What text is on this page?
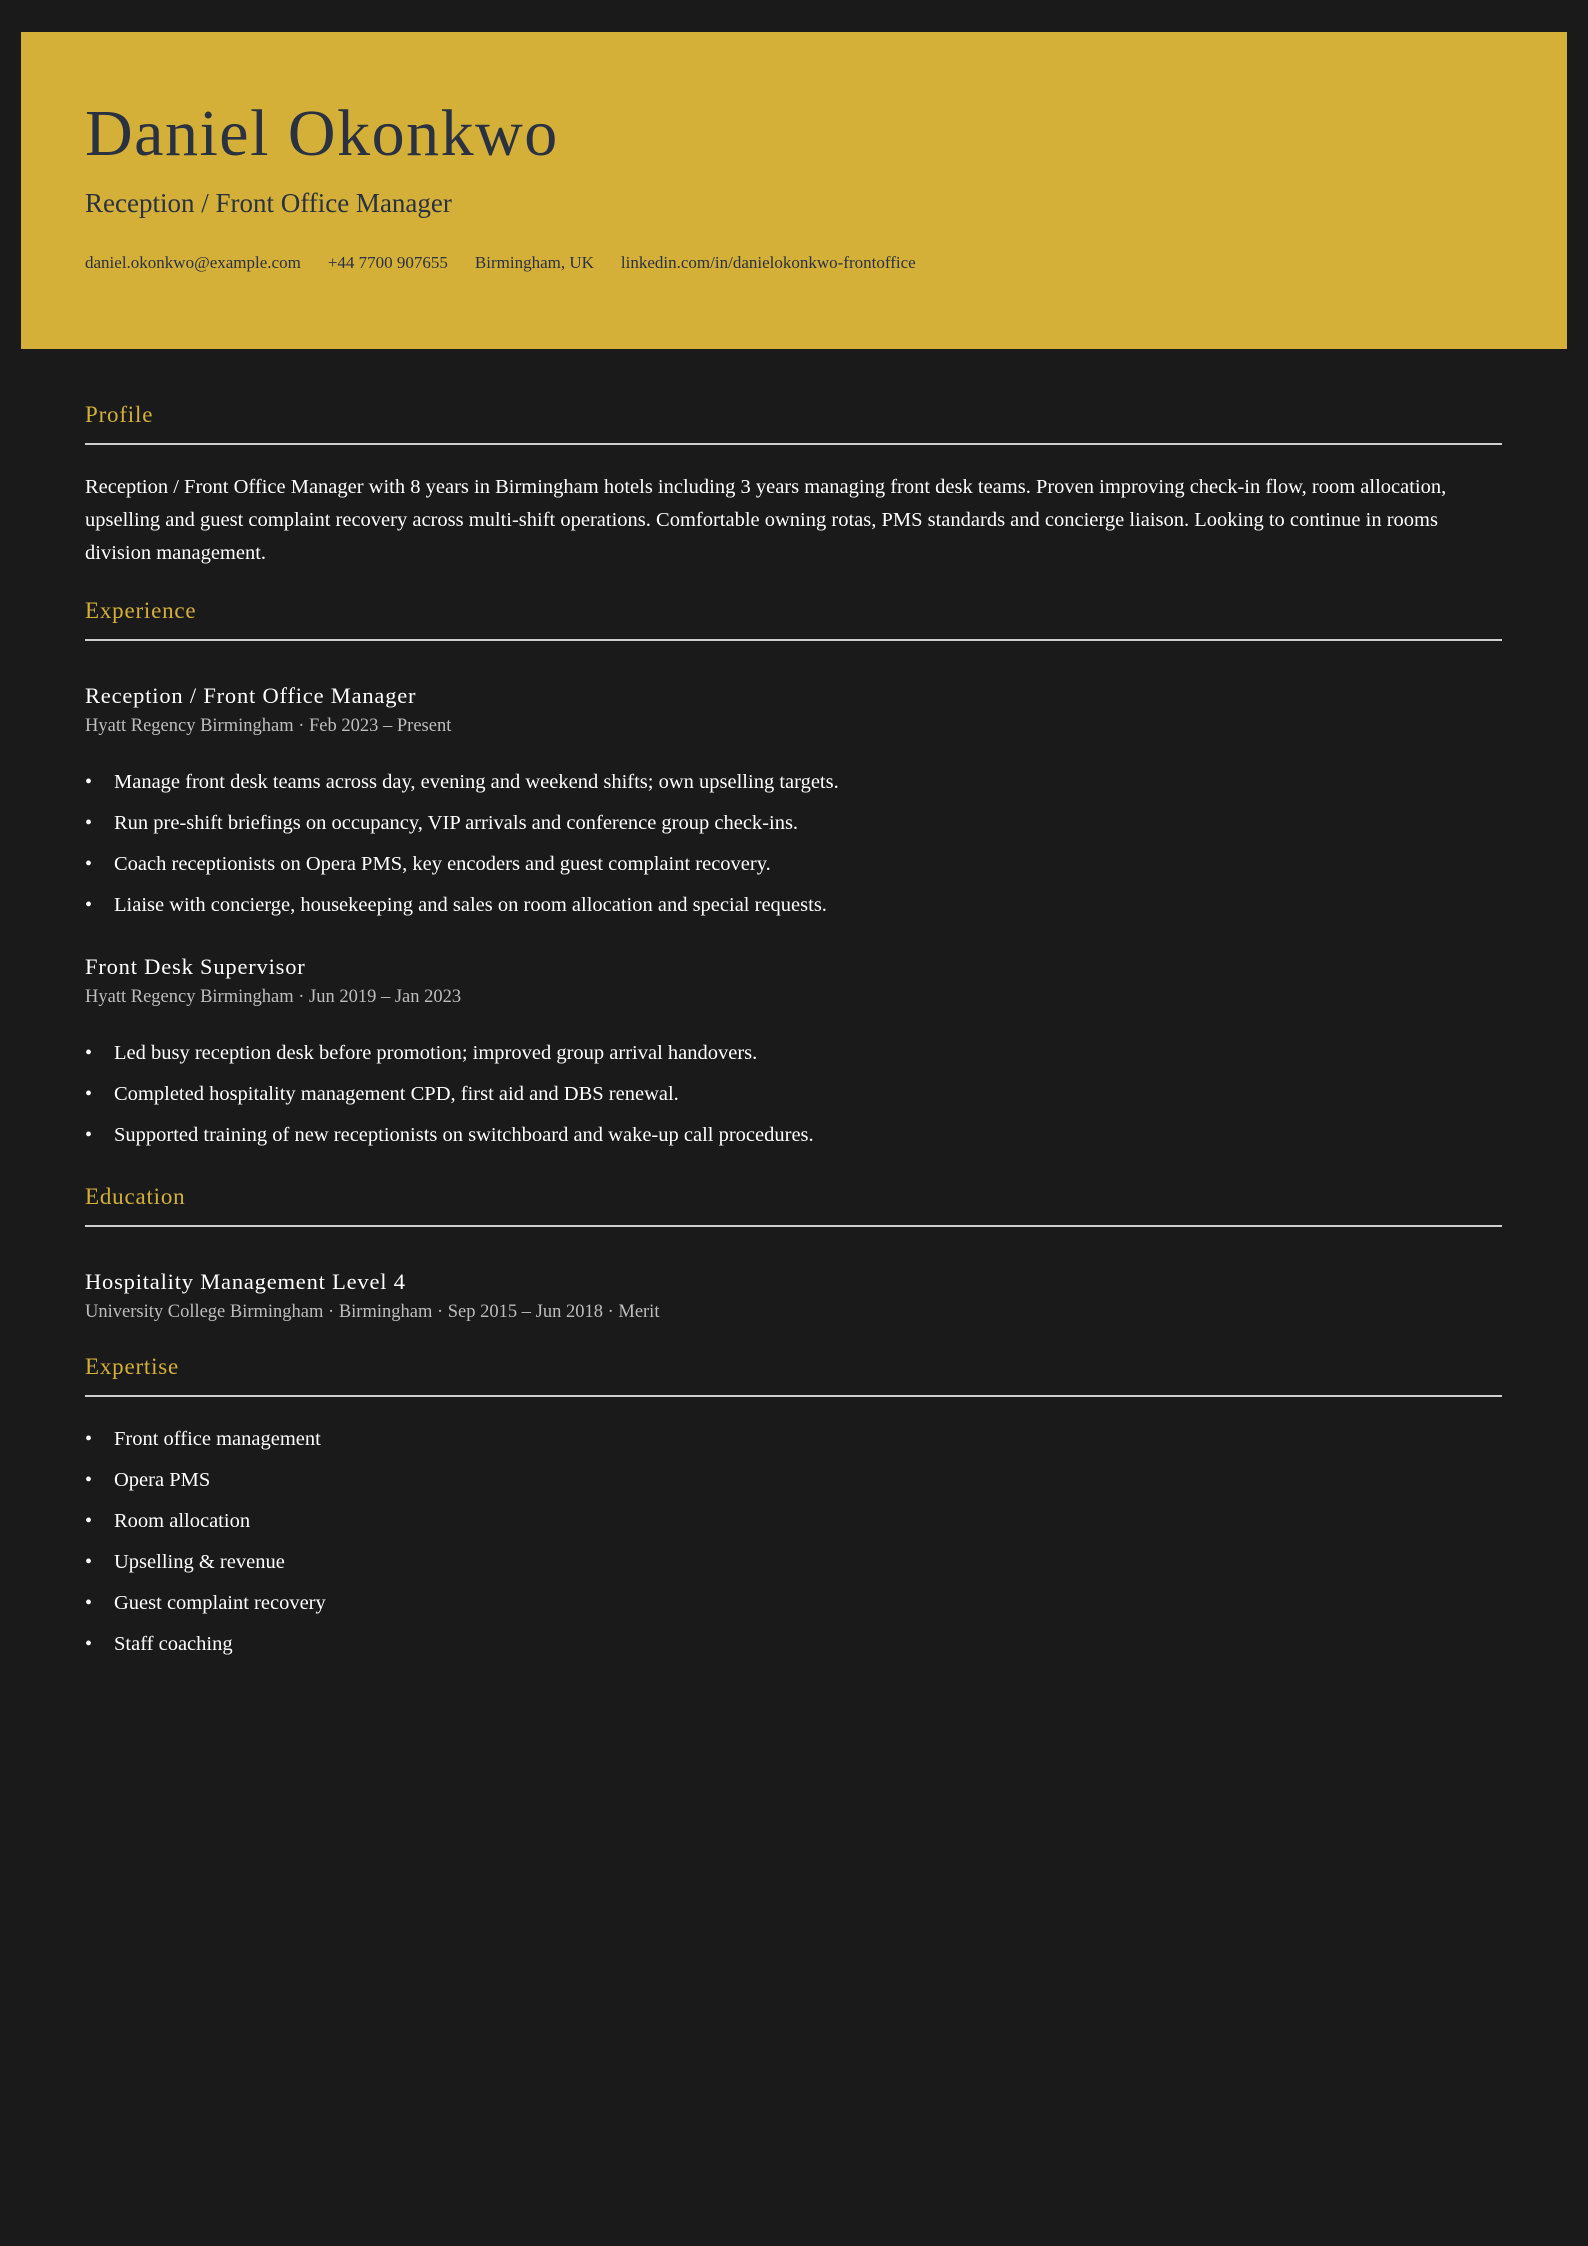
Daniel Okonkwo
Reception / Front Office Manager
daniel.okonkwo@example.com +44 7700 907655 Birmingham, UK linkedin.com/in/danielokonkwo-frontoffice
Profile

Reception / Front Office Manager with 8 years in Birmingham hotels including 3 years managing front desk teams. Proven improving check-in flow, room allocation, upselling and guest complaint recovery across multi-shift operations. Comfortable owning rotas, PMS standards and concierge liaison. Looking to continue in rooms division management.

Experience
Reception / Front Office Manager
Hyatt Regency Birmingham · Feb 2023 – Present
• Manage front desk teams across day, evening and weekend shifts; own upselling targets.
• Run pre-shift briefings on occupancy, VIP arrivals and conference group check-ins.
• Coach receptionists on Opera PMS, key encoders and guest complaint recovery.
• Liaise with concierge, housekeeping and sales on room allocation and special requests.
Front Desk Supervisor
Hyatt Regency Birmingham · Jun 2019 – Jan 2023
• Led busy reception desk before promotion; improved group arrival handovers.
• Completed hospitality management CPD, first aid and DBS renewal.
• Supported training of new receptionists on switchboard and wake-up call procedures.
Education
Hospitality Management Level 4
University College Birmingham · Birmingham · Sep 2015 – Jun 2018 · Merit
Expertise
• Front office management
• Opera PMS
• Room allocation
• Upselling & revenue
• Guest complaint recovery
• Staff coaching
